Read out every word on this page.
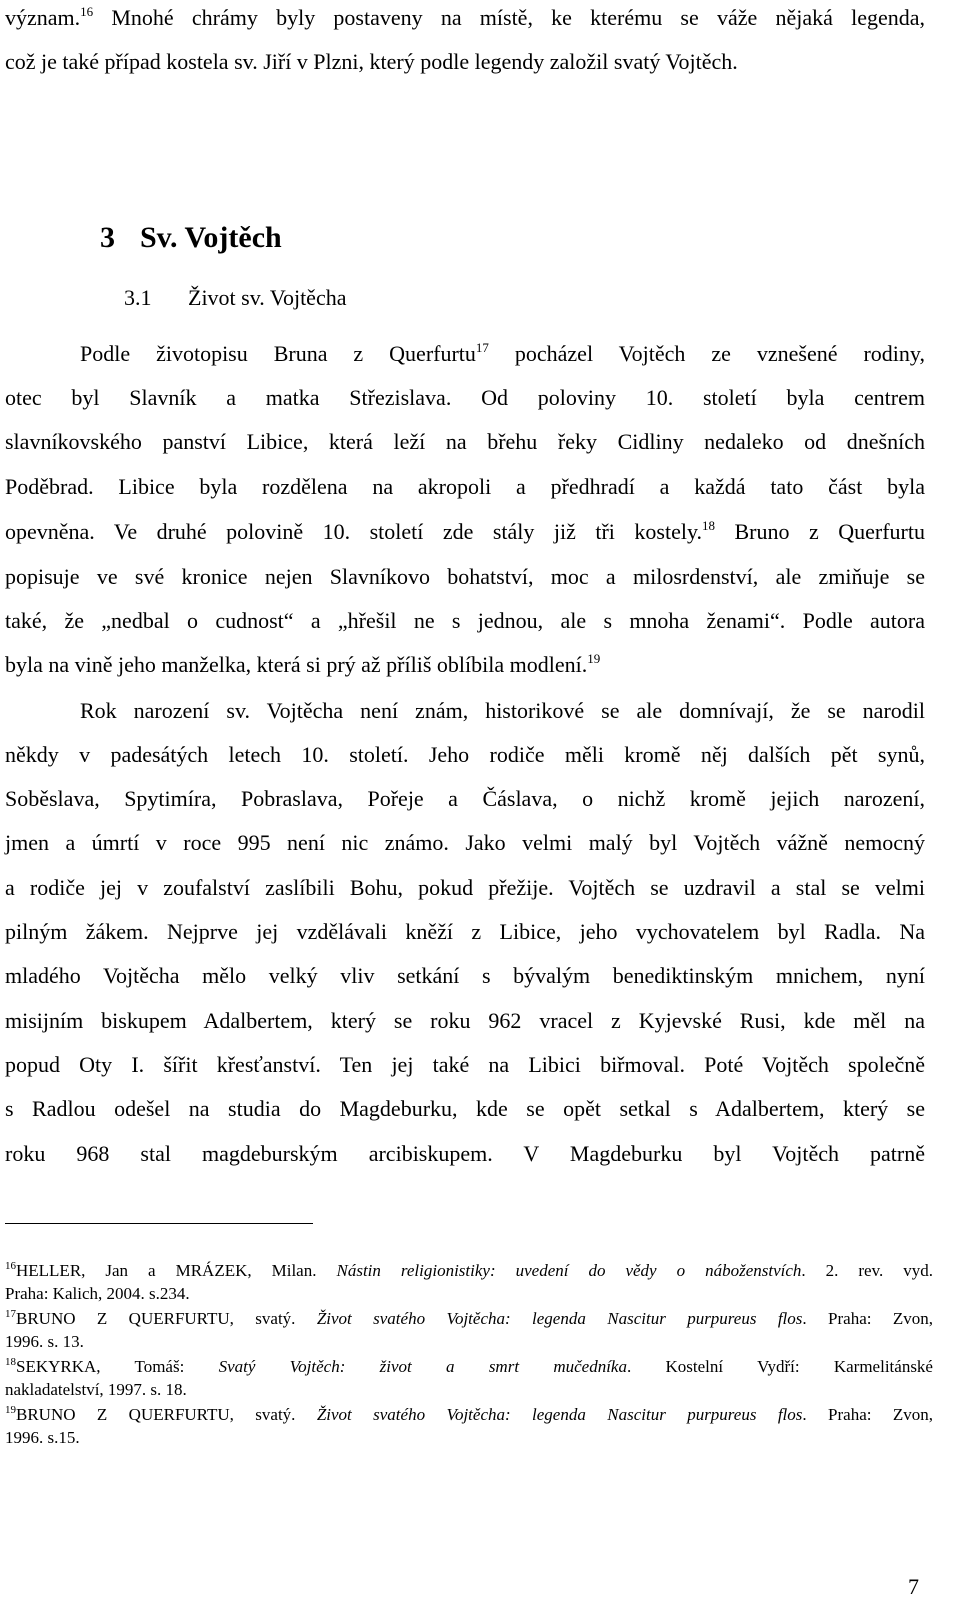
význam.$^{16}$ Mnohé chrámy byly postaveny na místě, ke kterému se váže nějaká legenda,
což je také případ kostela sv. Jiří v Plzni, který podle legendy založil svatý Vojtěch.
3 Sv. Vojtěch
3.1 Život sv. Vojtěcha
Podle životopisu Bruna z Querfurtu$^{17}$ pocházel Vojtěch ze vznešené rodiny,
otec byl Slavník a matka Střezislava. Od poloviny 10. století byla centrem
slavníkovského panství Libice, která leží na břehu řeky Cidliny nedaleko od dnešních
Poděbrad. Libice byla rozdělena na akropoli a předhradí a každá tato část byla
opevněna. Ve druhé polovině 10. století zde stály již tři kostely.$^{18}$ Bruno z Querfurtu
popisuje ve své kronice nejen Slavníkovo bohatství, moc a milosrdenství, ale zmiňuje se
také, že „nedbal o cudnost“ a „hřešil ne s jednou, ale s mnoha ženami“. Podle autora
byla na vině jeho manželka, která si prý až příliš oblíbila modlení.$^{19}$
Rok narození sv. Vojtěcha není znám, historikové se ale domnívají, že se narodil
někdy v padesátých letech 10. století. Jeho rodiče měli kromě něj dalších pět synů,
Soběslava, Spytimíra, Pobraslava, Pořeje a Čáslava, o nichž kromě jejich narození,
jmen a úmrtí v roce 995 není nic známo. Jako velmi malý byl Vojtěch vážně nemocný
a rodiče jej v zoufalství zaslíbili Bohu, pokud přežije. Vojtěch se uzdravil a stal se velmi
pilným žákem. Nejprve jej vzdělávali kněží z Libice, jeho vychovatelem byl Radla. Na
mladého Vojtěcha mělo velký vliv setkání s bývalým benediktinským mnichem, nyní
misijním biskupem Adalbertem, který se roku 962 vracel z Kyjevské Rusi, kde měl na
popud Oty I. šířit křesťanství. Ten jej také na Libici biřmoval. Poté Vojtěch společně
s Radlou odešel na studia do Magdeburku, kde se opět setkal s Adalbertem, který se
roku 968 stal magdeburským arcibiskupem. V Magdeburku byl Vojtěch patrně
$^{16}$HELLER, Jan a MRÁZEK, Milan. Nástin religionistiky: uvedení do vědy o náboženstvích. 2. rev. vyd.
Praha: Kalich, 2004. s.234.
$^{17}$BRUNO Z QUERFURTU, svatý. Život svatého Vojtěcha: legenda Nascitur purpureus flos. Praha: Zvon,
1996. s. 13.
$^{18}$SEKYRKA, Tomáš: Svatý Vojtěch: život a smrt mučedníka. Kostelní Vydří: Karmelitánské
nakladatelství, 1997. s. 18.
$^{19}$BRUNO Z QUERFURTU, svatý. Život svatého Vojtěcha: legenda Nascitur purpureus flos. Praha: Zvon,
1996. s.15.
7
